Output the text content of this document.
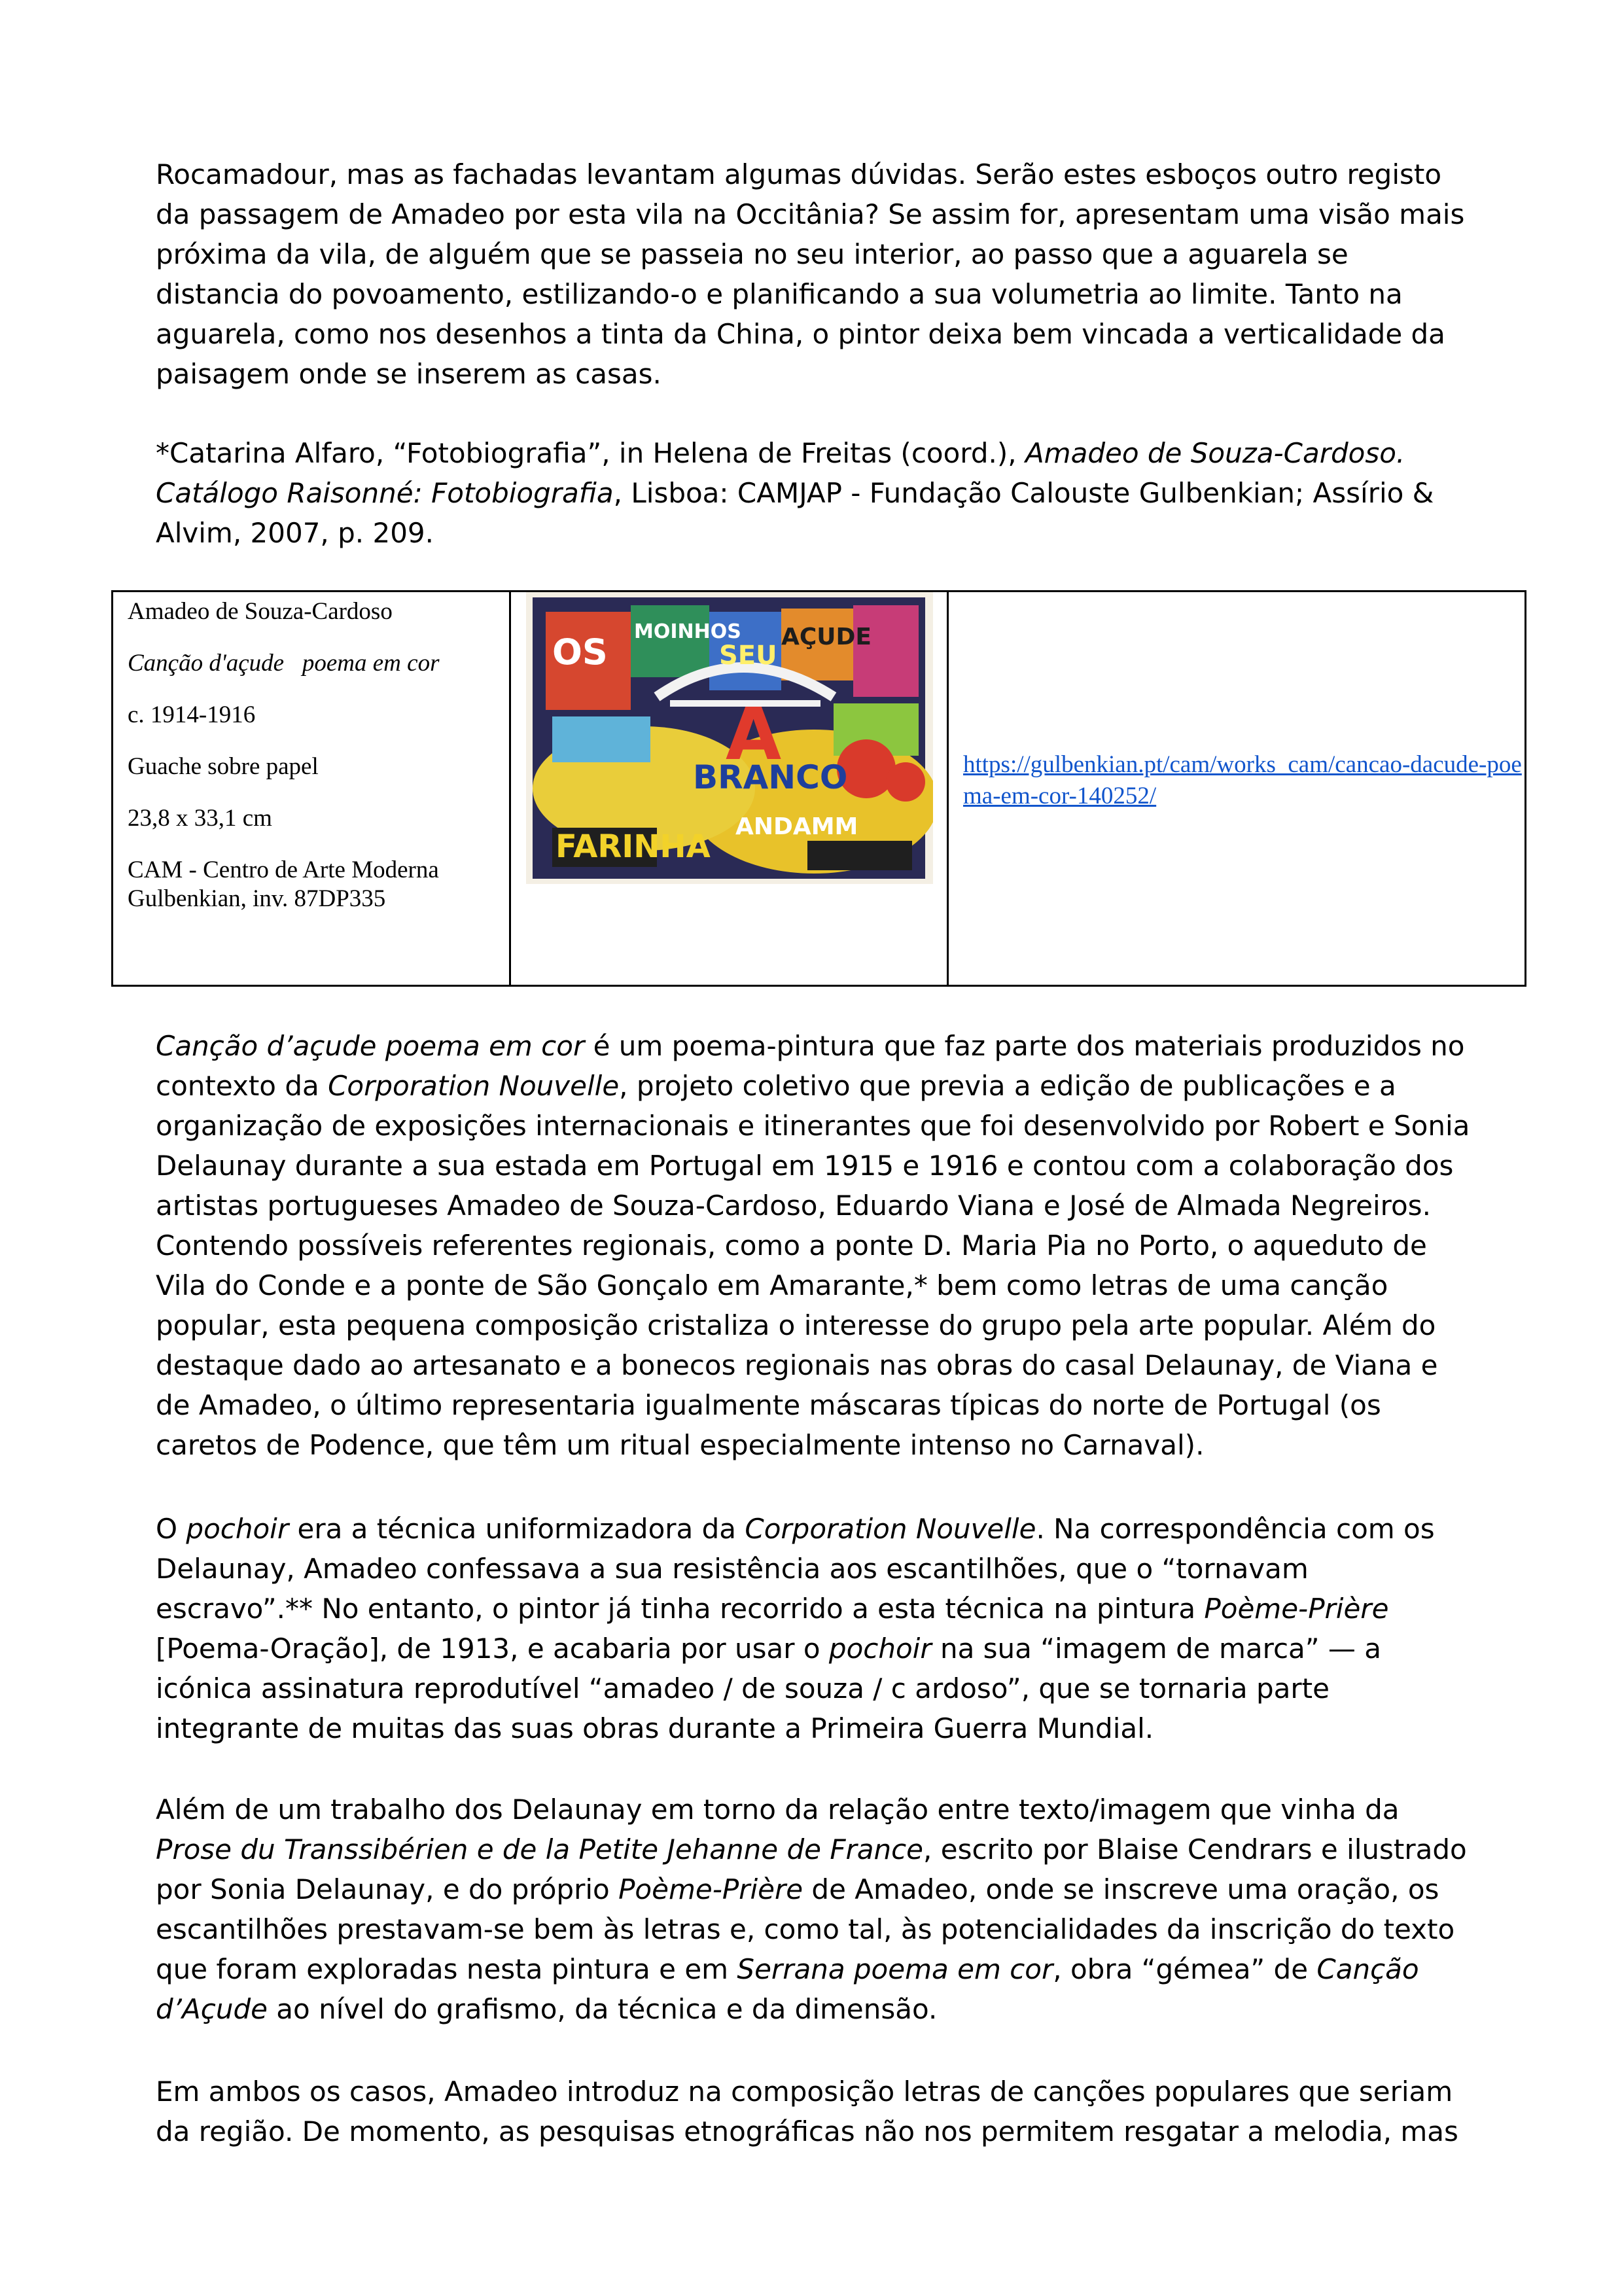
Rocamadour, mas as fachadas levantam algumas dúvidas. Serão estes esboços outro registo da passagem de Amadeo por esta vila na Occitânia? Se assim for, apresentam uma visão mais próxima da vila, de alguém que se passeia no seu interior, ao passo que a aguarela se distancia do povoamento, estilizando-o e planificando a sua volumetria ao limite. Tanto na aguarela, como nos desenhos a tinta da China, o pintor deixa bem vincada a verticalidade da paisagem onde se inserem as casas.

*Catarina Alfaro, “Fotobiografia”, in Helena de Freitas (coord.), Amadeo de Souza-Cardoso. Catálogo Raisonné: Fotobiografia, Lisboa: CAMJAP - Fundação Calouste Gulbenkian; Assírio & Alvim, 2007, p. 209.

Amadeo de Souza-Cardoso
Canção d'açude   poema em cor
c. 1914-1916
Guache sobre papel
23,8 x 33,1 cm
CAM - Centro de Arte Moderna Gulbenkian, inv. 87DP335

OS MOINHOS
SEU
AÇUDE
A
BRANCO
FARINHA
ANDAMM

https://gulbenkian.pt/cam/works_cam/cancao-dacude-poema-em-cor-140252/

Canção d’açude poema em cor é um poema-pintura que faz parte dos materiais produzidos no contexto da Corporation Nouvelle, projeto coletivo que previa a edição de publicações e a organização de exposições internacionais e itinerantes que foi desenvolvido por Robert e Sonia Delaunay durante a sua estada em Portugal em 1915 e 1916 e contou com a colaboração dos artistas portugueses Amadeo de Souza-Cardoso, Eduardo Viana e José de Almada Negreiros. Contendo possíveis referentes regionais, como a ponte D. Maria Pia no Porto, o aqueduto de Vila do Conde e a ponte de São Gonçalo em Amarante,* bem como letras de uma canção popular, esta pequena composição cristaliza o interesse do grupo pela arte popular. Além do destaque dado ao artesanato e a bonecos regionais nas obras do casal Delaunay, de Viana e de Amadeo, o último representaria igualmente máscaras típicas do norte de Portugal (os caretos de Podence, que têm um ritual especialmente intenso no Carnaval).

O pochoir era a técnica uniformizadora da Corporation Nouvelle. Na correspondência com os Delaunay, Amadeo confessava a sua resistência aos escantilhões, que o “tornavam escravo”.** No entanto, o pintor já tinha recorrido a esta técnica na pintura Poème-Prière [Poema-Oração], de 1913, e acabaria por usar o pochoir na sua “imagem de marca” — a icónica assinatura reprodutível “amadeo / de souza / c ardoso”, que se tornaria parte integrante de muitas das suas obras durante a Primeira Guerra Mundial.

Além de um trabalho dos Delaunay em torno da relação entre texto/imagem que vinha da Prose du Transsibérien e de la Petite Jehanne de France, escrito por Blaise Cendrars e ilustrado por Sonia Delaunay, e do próprio Poème-Prière de Amadeo, onde se inscreve uma oração, os escantilhões prestavam-se bem às letras e, como tal, às potencialidades da inscrição do texto que foram exploradas nesta pintura e em Serrana poema em cor, obra “gémea” de Canção d’Açude ao nível do grafismo, da técnica e da dimensão.

Em ambos os casos, Amadeo introduz na composição letras de canções populares que seriam da região. De momento, as pesquisas etnográficas não nos permitem resgatar a melodia, mas
